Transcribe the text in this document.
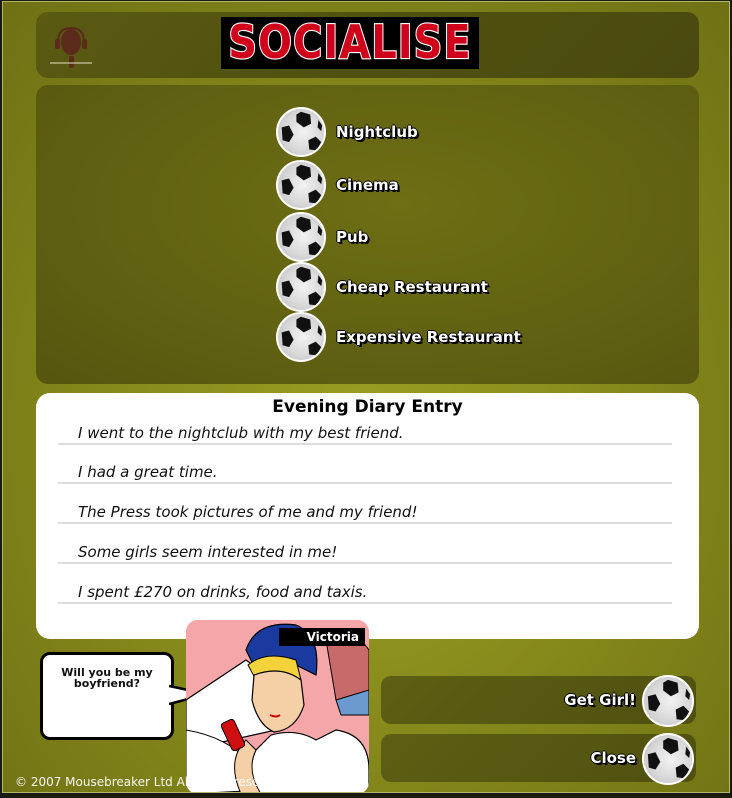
SOCIALISE
Nightclub
Cinema
Pub
Cheap Restaurant
Expensive Restaurant
Evening Diary Entry
I went to the nightclub with my best friend.
I had a great time.
The Press took pictures of me and my friend!
Some girls seem interested in me!
I spent £270 on drinks, food and taxis.
Will you be my boyfriend?
Victoria
Get Girl!
Close
© 2007 Mousebreaker Ltd All rights reserved
